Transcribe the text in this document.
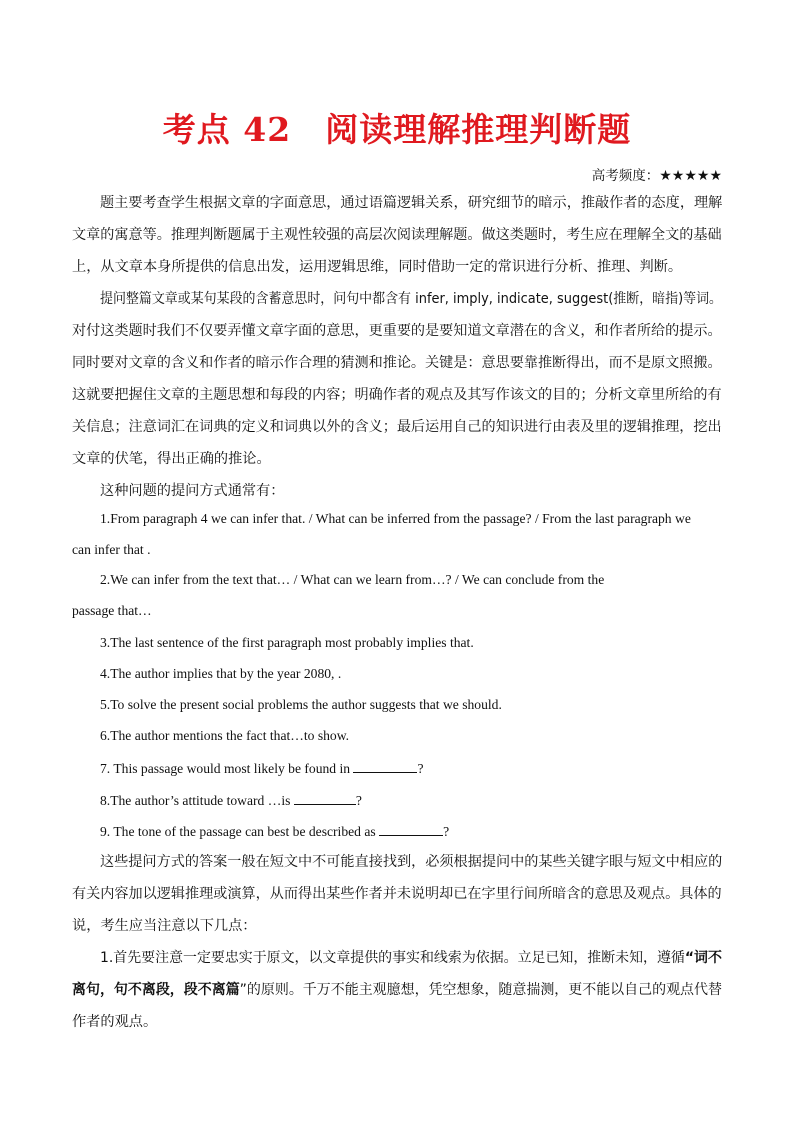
考点 42 阅读理解推理判断题
高考频度：★★★★★
题主要考查学生根据文章的字面意思，通过语篇逻辑关系，研究细节的暗示，推敲作者的态度，理解
文章的寓意等。推理判断题属于主观性较强的高层次阅读理解题。做这类题时，考生应在理解全文的基础
上，从文章本身所提供的信息出发，运用逻辑思维，同时借助一定的常识进行分析、推理、判断。
提问整篇文章或某句某段的含蓄意思时，问句中都含有 infer, imply, indicate, suggest(推断，暗指)等词。
对付这类题时我们不仅要弄懂文章字面的意思，更重要的是要知道文章潜在的含义，和作者所给的提示。
同时要对文章的含义和作者的暗示作合理的猜测和推论。关键是：意思要靠推断得出，而不是原文照搬。
这就要把握住文章的主题思想和每段的内容；明确作者的观点及其写作该文的目的；分析文章里所给的有
关信息；注意词汇在词典的定义和词典以外的含义；最后运用自己的知识进行由表及里的逻辑推理，挖出
文章的伏笔，得出正确的推论。
这种问题的提问方式通常有：
1.From paragraph 4 we can infer that. / What can be inferred from the passage? / From the last paragraph we
can infer that .
2.We can infer from the text that… / What can we learn from…? / We can conclude from the
passage that…
3.The last sentence of the first paragraph most probably implies that.
4.The author implies that by the year 2080, .
5.To solve the present social problems the author suggests that we should.
6.The author mentions the fact that…to show.
7. This passage would most likely be found in	?
8.The author’s attitude toward …is	?
9. The tone of the passage can best be described as	?
这些提问方式的答案一般在短文中不可能直接找到，必须根据提问中的某些关键字眼与短文中相应的
有关内容加以逻辑推理或演算，从而得出某些作者并未说明却已在字里行间所暗含的意思及观点。具体的
说，考生应当注意以下几点：
1.首先要注意一定要忠实于原文，以文章提供的事实和线索为依据。立足已知，推断未知，遵循“词不
离句，句不离段，段不离篇”的原则。千万不能主观臆想，凭空想象，随意揣测，更不能以自己的观点代替
作者的观点。
